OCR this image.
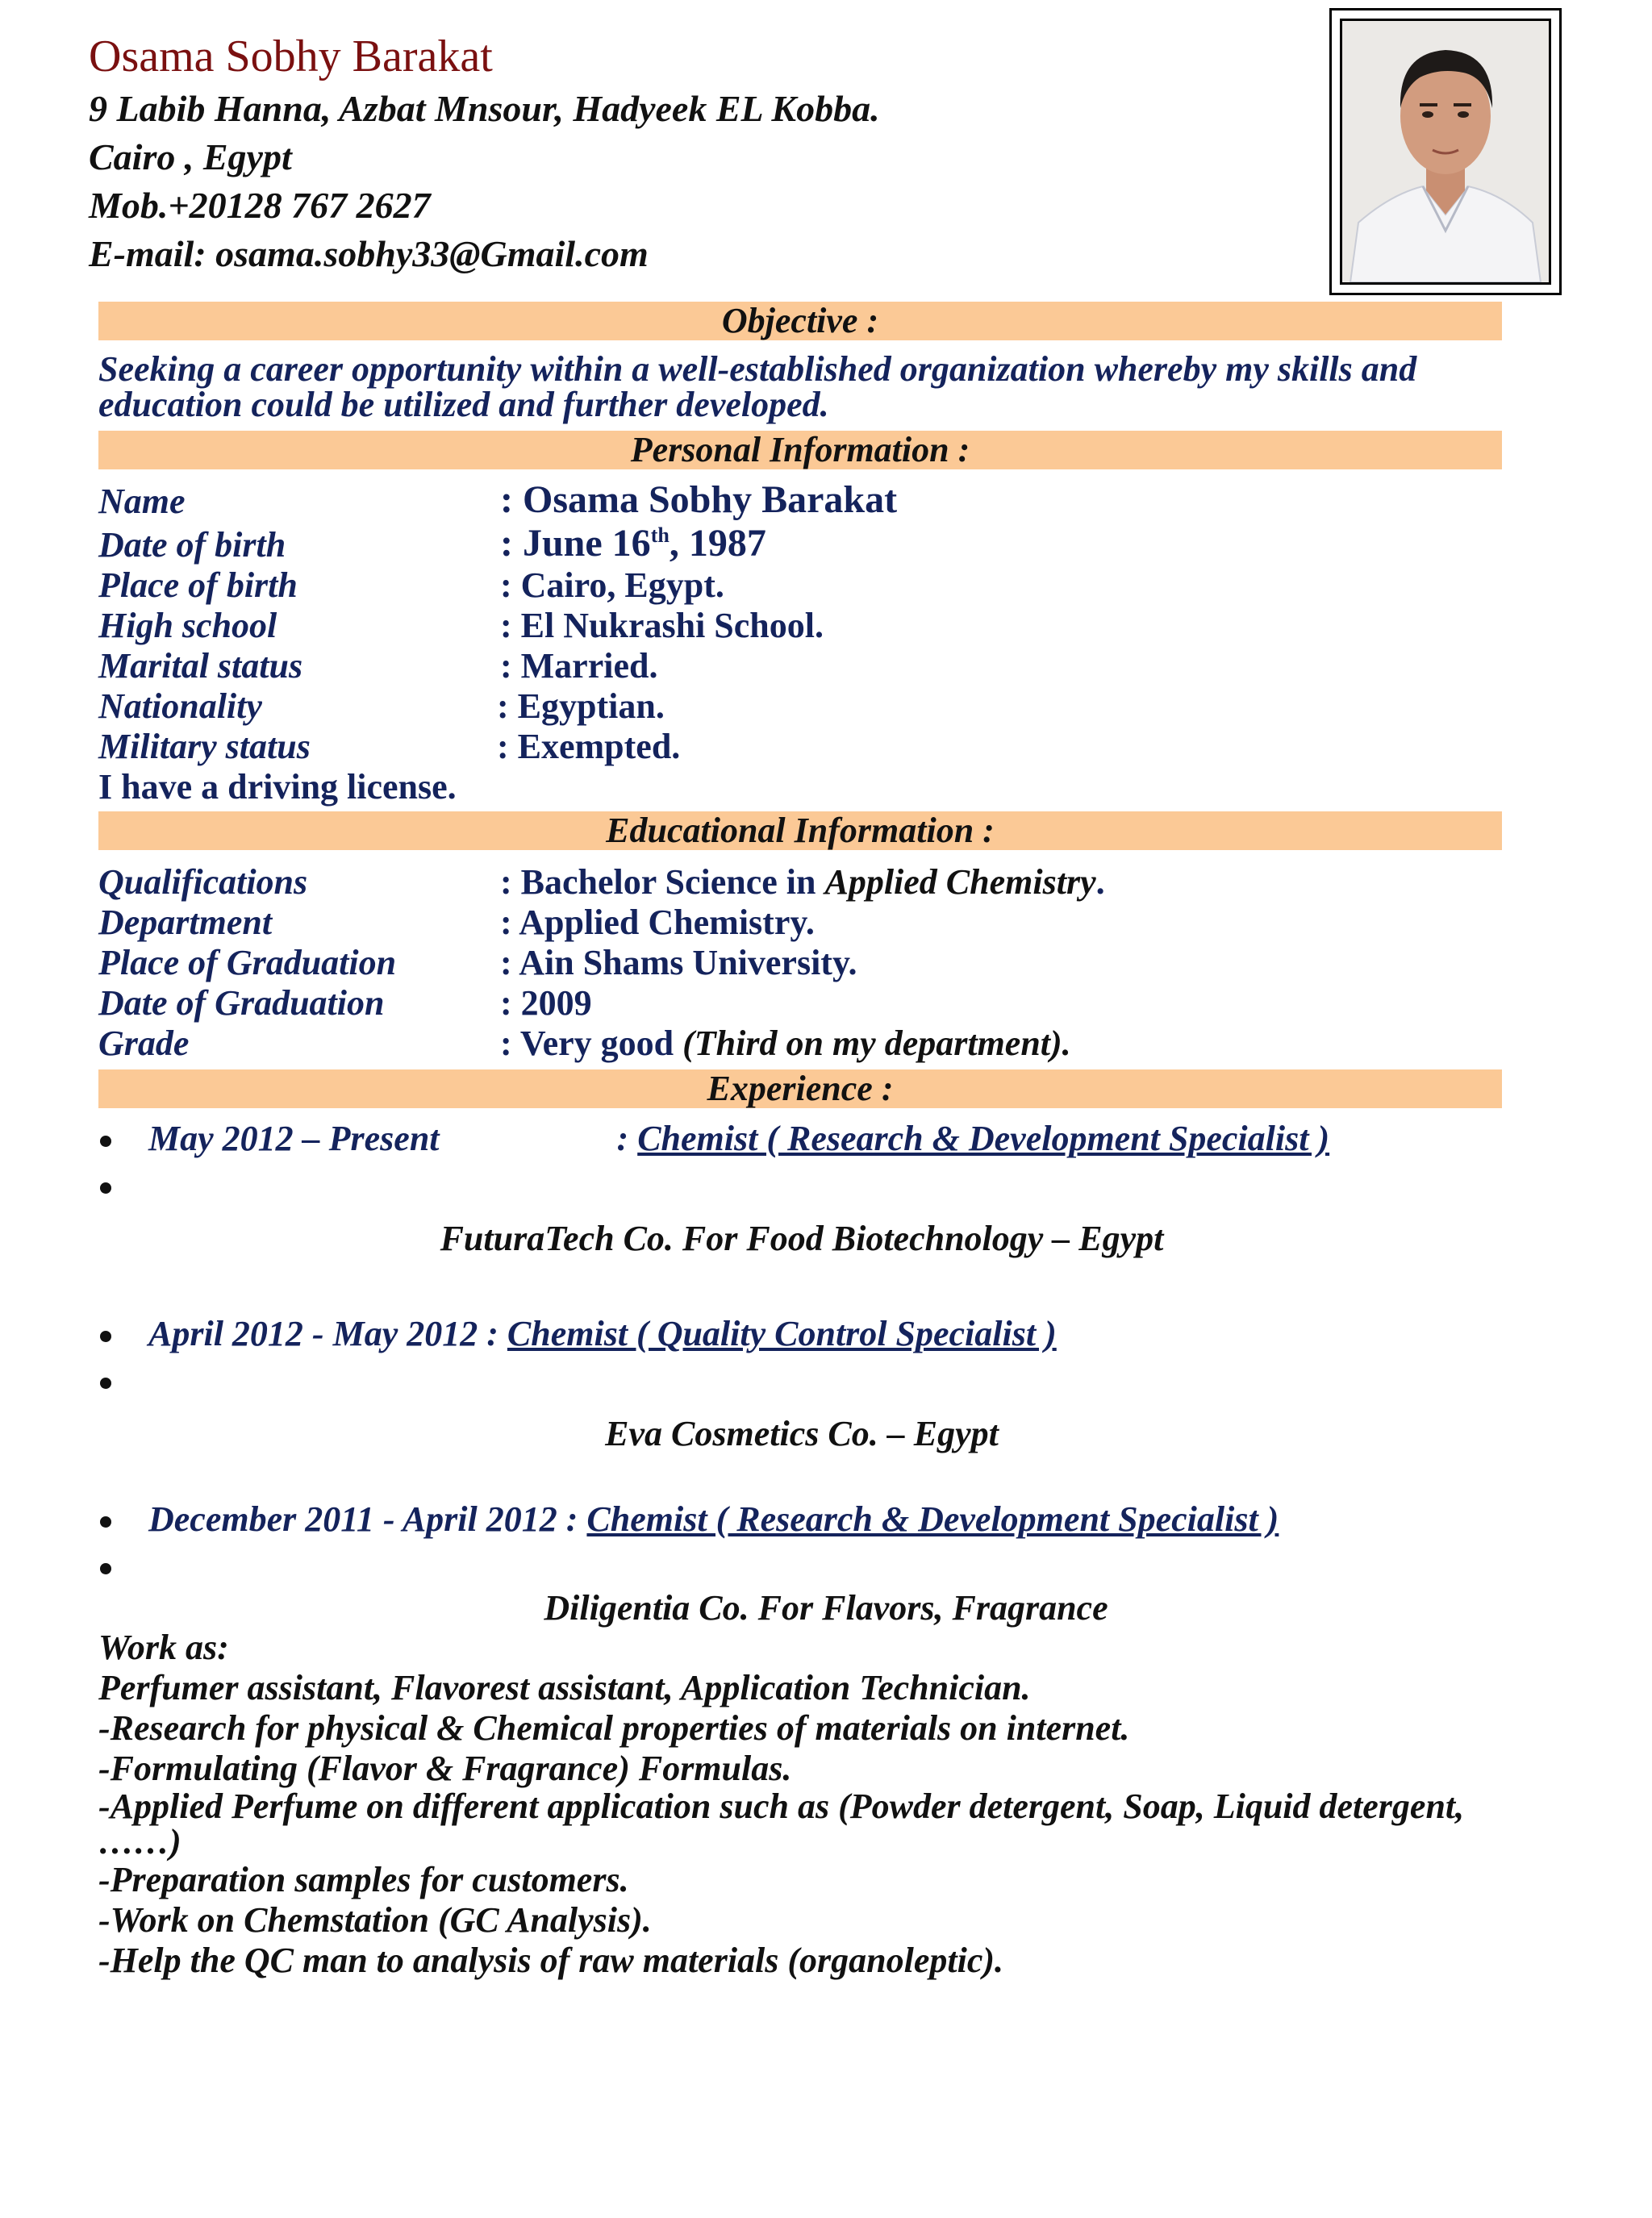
Osama Sobhy Barakat
9 Labib Hanna, Azbat Mnsour, Hadyeek EL Kobba.
Cairo , Egypt
Mob.+20128 767 2627
E-mail: osama.sobhy33@Gmail.com
Objective :
Seeking a career opportunity within a well-established organization whereby my skills and education could be utilized and further developed.
Personal Information :
Name	: Osama Sobhy Barakat
Date of birth	: June 16th, 1987
Place of birth	: Cairo, Egypt.
High school	: El Nukrashi School.
Marital status	: Married.
Nationality	: Egyptian.
Military status	: Exempted.
I have a driving license.
Educational Information :
Qualifications	: Bachelor Science in Applied Chemistry.
Department	: Applied Chemistry.
Place of Graduation	: Ain Shams University.
Date of Graduation	: 2009
Grade	: Very good (Third on my department).
Experience :
May 2012 – Present	: Chemist ( Research & Development Specialist )
FuturaTech Co. For Food Biotechnology – Egypt
April 2012 - May 2012 : Chemist ( Quality Control Specialist )
Eva Cosmetics Co. – Egypt
December 2011 - April 2012 : Chemist ( Research & Development Specialist )
Diligentia Co. For Flavors, Fragrance
Work as:
Perfumer assistant, Flavorest assistant, Application Technician.
-Research for physical & Chemical properties of materials on internet.
-Formulating (Flavor & Fragrance) Formulas.
-Applied Perfume on different application such as (Powder detergent, Soap, Liquid detergent, ……)
-Preparation samples for customers.
-Work on Chemstation (GC Analysis).
-Help the QC man to analysis of raw materials (organoleptic).
